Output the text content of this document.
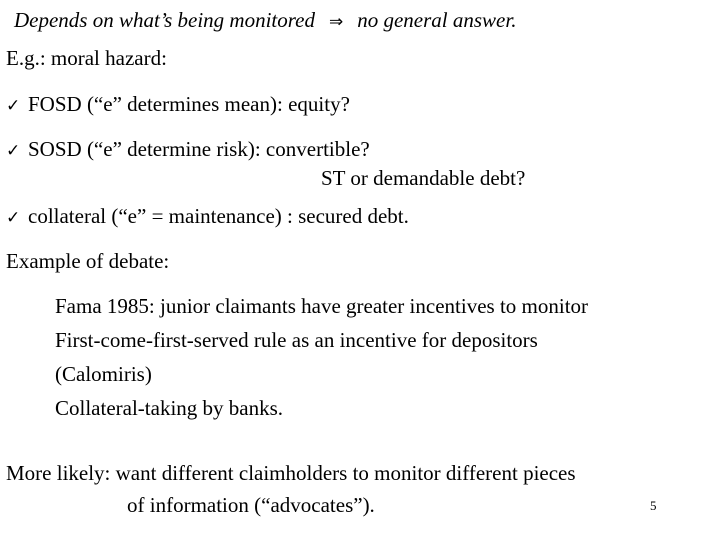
Depends on what’s being monitored ⇒ no general answer.
E.g.: moral hazard:
✓ FOSD (“e” determines mean): equity?
✓ SOSD (“e” determine risk): convertible?
ST or demandable debt?
✓ collateral (“e” = maintenance) : secured debt.
Example of debate:
Fama 1985: junior claimants have greater incentives to monitor
First-come-first-served rule as an incentive for depositors
(Calomiris)
Collateral-taking by banks.
More likely: want different claimholders to monitor different pieces
of information (“advocates”).	5
